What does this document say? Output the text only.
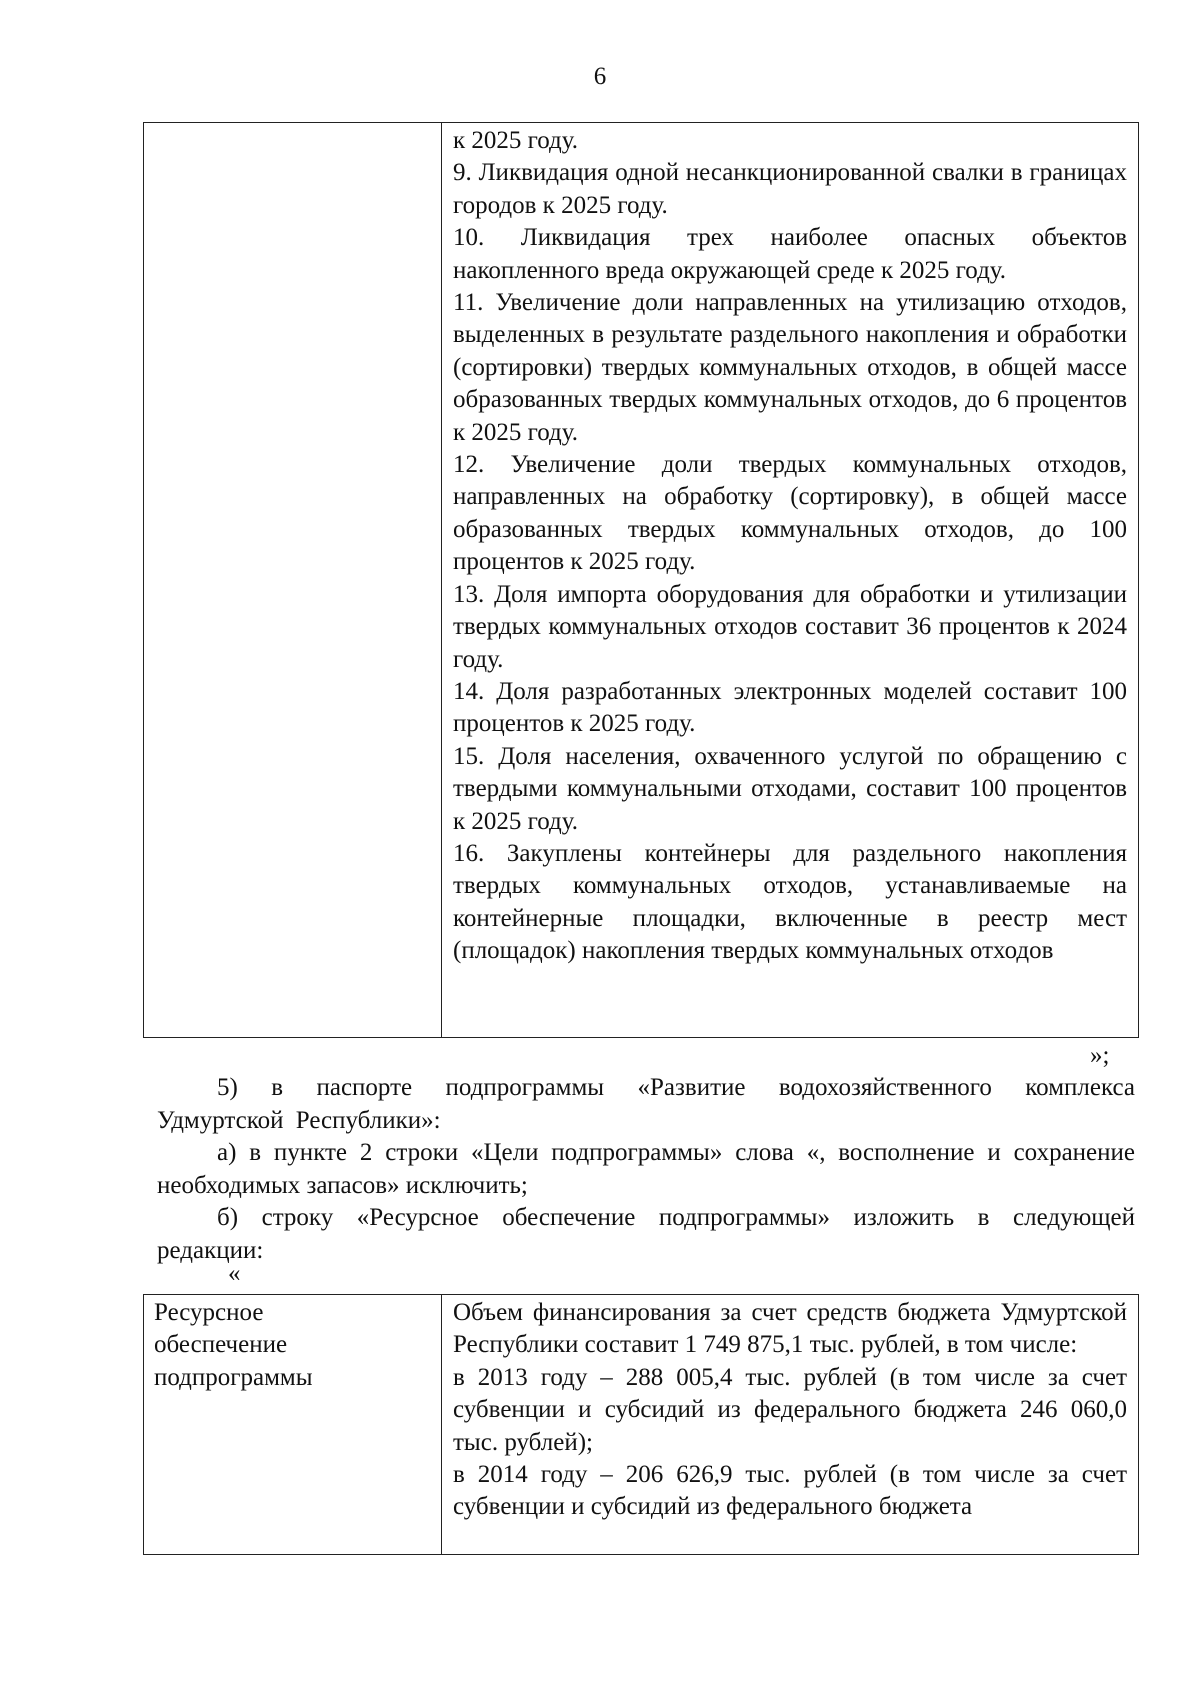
6

к 2025 году.

9. Ликвидация одной несанкционированной свалки в границах городов к 2025 году.

10. Ликвидация трех наиболее опасных объектов накопленного вреда окружающей среде к 2025 году.

11. Увеличение доли направленных на утилизацию отходов, выделенных в результате раздельного накопления и обработки (сортировки) твердых коммунальных отходов, в общей массе образованных твердых коммунальных отходов, до 6 процентов к 2025 году.

12. Увеличение доли твердых коммунальных отходов, направленных на обработку (сортировку), в общей массе образованных твердых коммунальных отходов, до 100 процентов к 2025 году.

13. Доля импорта оборудования для обработки и утилизации твердых коммунальных отходов составит 36 процентов к 2024 году.

14. Доля разработанных электронных моделей составит 100 процентов к 2025 году.

15. Доля населения, охваченного услугой по обращению с твердыми коммунальными отходами, составит 100 процентов к 2025 году.

16. Закуплены контейнеры для раздельного накопления твердых коммунальных отходов, устанавливаемые на контейнерные площадки, включенные в реестр мест (площадок) накопления твердых коммунальных отходов

»;

5) в паспорте подпрограммы «Развитие водохозяйственного комплекса Удмуртской Республики»:

а) в пункте 2 строки «Цели подпрограммы» слова «, восполнение и сохранение необходимых запасов» исключить;

б) строку «Ресурсное обеспечение подпрограммы» изложить в следующей редакции:

«

Ресурсное обеспечение подпрограммы

Объем финансирования за счет средств бюджета Удмуртской Республики составит 1 749 875,1 тыс. рублей, в том числе:

в 2013 году – 288 005,4 тыс. рублей (в том числе за счет субвенции и субсидий из федерального бюджета 246 060,0 тыс. рублей);

в 2014 году – 206 626,9 тыс. рублей (в том числе за счет субвенции и субсидий из федерального бюджета
